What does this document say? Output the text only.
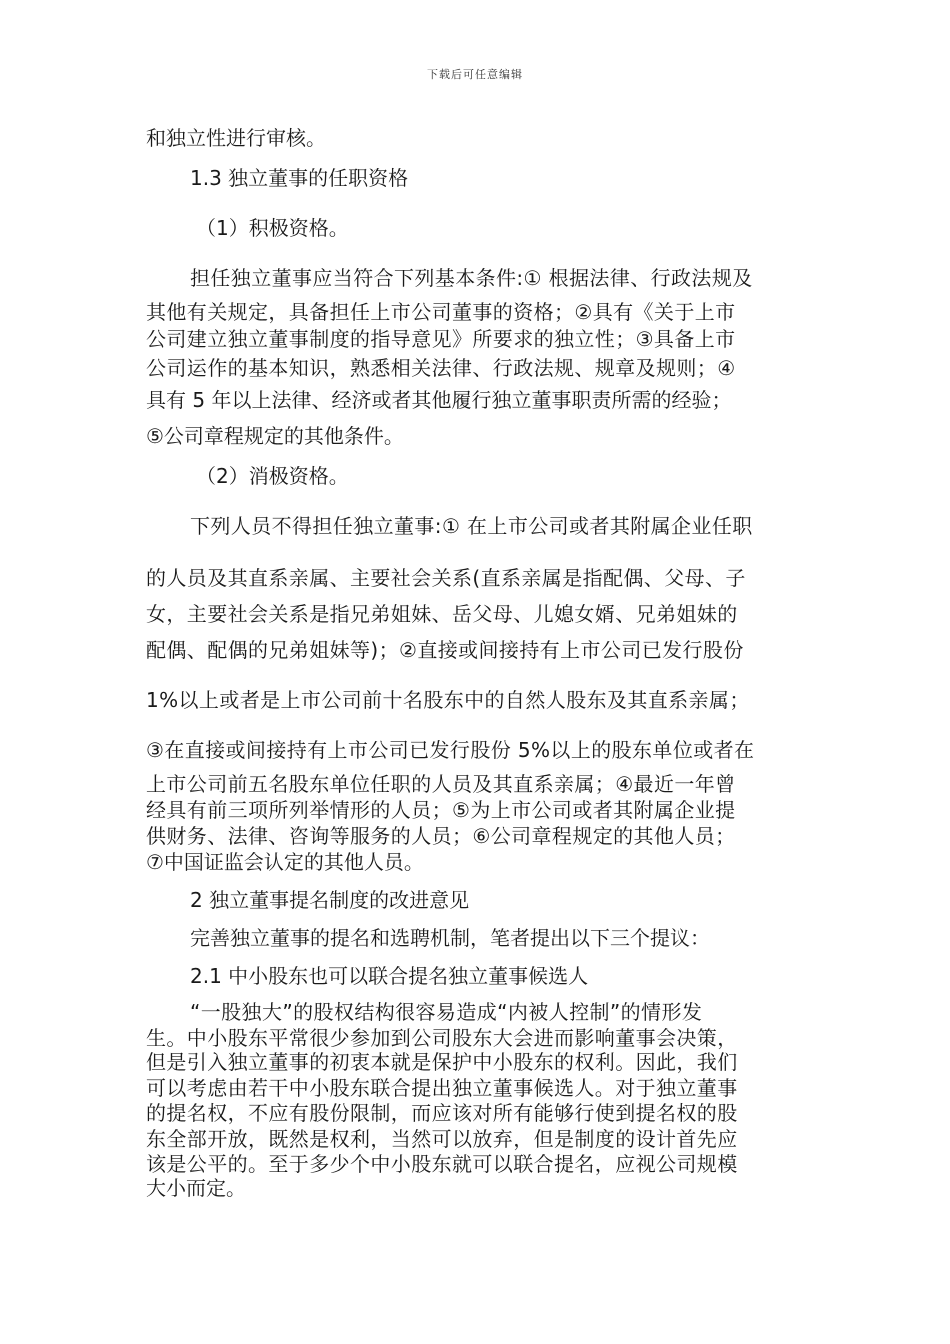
下载后可任意编辑

和独立性进行审核。

1.3 独立董事的任职资格

（1）积极资格。

担任独立董事应当符合下列基本条件:① 根据法律、行政法规及

其他有关规定，具备担任上市公司董事的资格；②具有《关于上市

公司建立独立董事制度的指导意见》所要求的独立性；③具备上市

公司运作的基本知识，熟悉相关法律、行政法规、规章及规则；④

具有 5 年以上法律、经济或者其他履行独立董事职责所需的经验；

⑤公司章程规定的其他条件。

（2）消极资格。

下列人员不得担任独立董事:① 在上市公司或者其附属企业任职

的人员及其直系亲属、主要社会关系(直系亲属是指配偶、父母、子

女，主要社会关系是指兄弟姐妹、岳父母、儿媳女婿、兄弟姐妹的

配偶、配偶的兄弟姐妹等)；②直接或间接持有上市公司已发行股份

1%以上或者是上市公司前十名股东中的自然人股东及其直系亲属；

③在直接或间接持有上市公司已发行股份 5%以上的股东单位或者在

上市公司前五名股东单位任职的人员及其直系亲属；④最近一年曾

经具有前三项所列举情形的人员；⑤为上市公司或者其附属企业提

供财务、法律、咨询等服务的人员；⑥公司章程规定的其他人员；

⑦中国证监会认定的其他人员。

2 独立董事提名制度的改进意见

完善独立董事的提名和选聘机制，笔者提出以下三个提议：

2.1 中小股东也可以联合提名独立董事候选人

“一股独大”的股权结构很容易造成“内被人控制”的情形发

生。中小股东平常很少参加到公司股东大会进而影响董事会决策，

但是引入独立董事的初衷本就是保护中小股东的权利。因此，我们

可以考虑由若干中小股东联合提出独立董事候选人。对于独立董事

的提名权，不应有股份限制，而应该对所有能够行使到提名权的股

东全部开放，既然是权利，当然可以放弃，但是制度的设计首先应

该是公平的。至于多少个中小股东就可以联合提名，应视公司规模

大小而定。
